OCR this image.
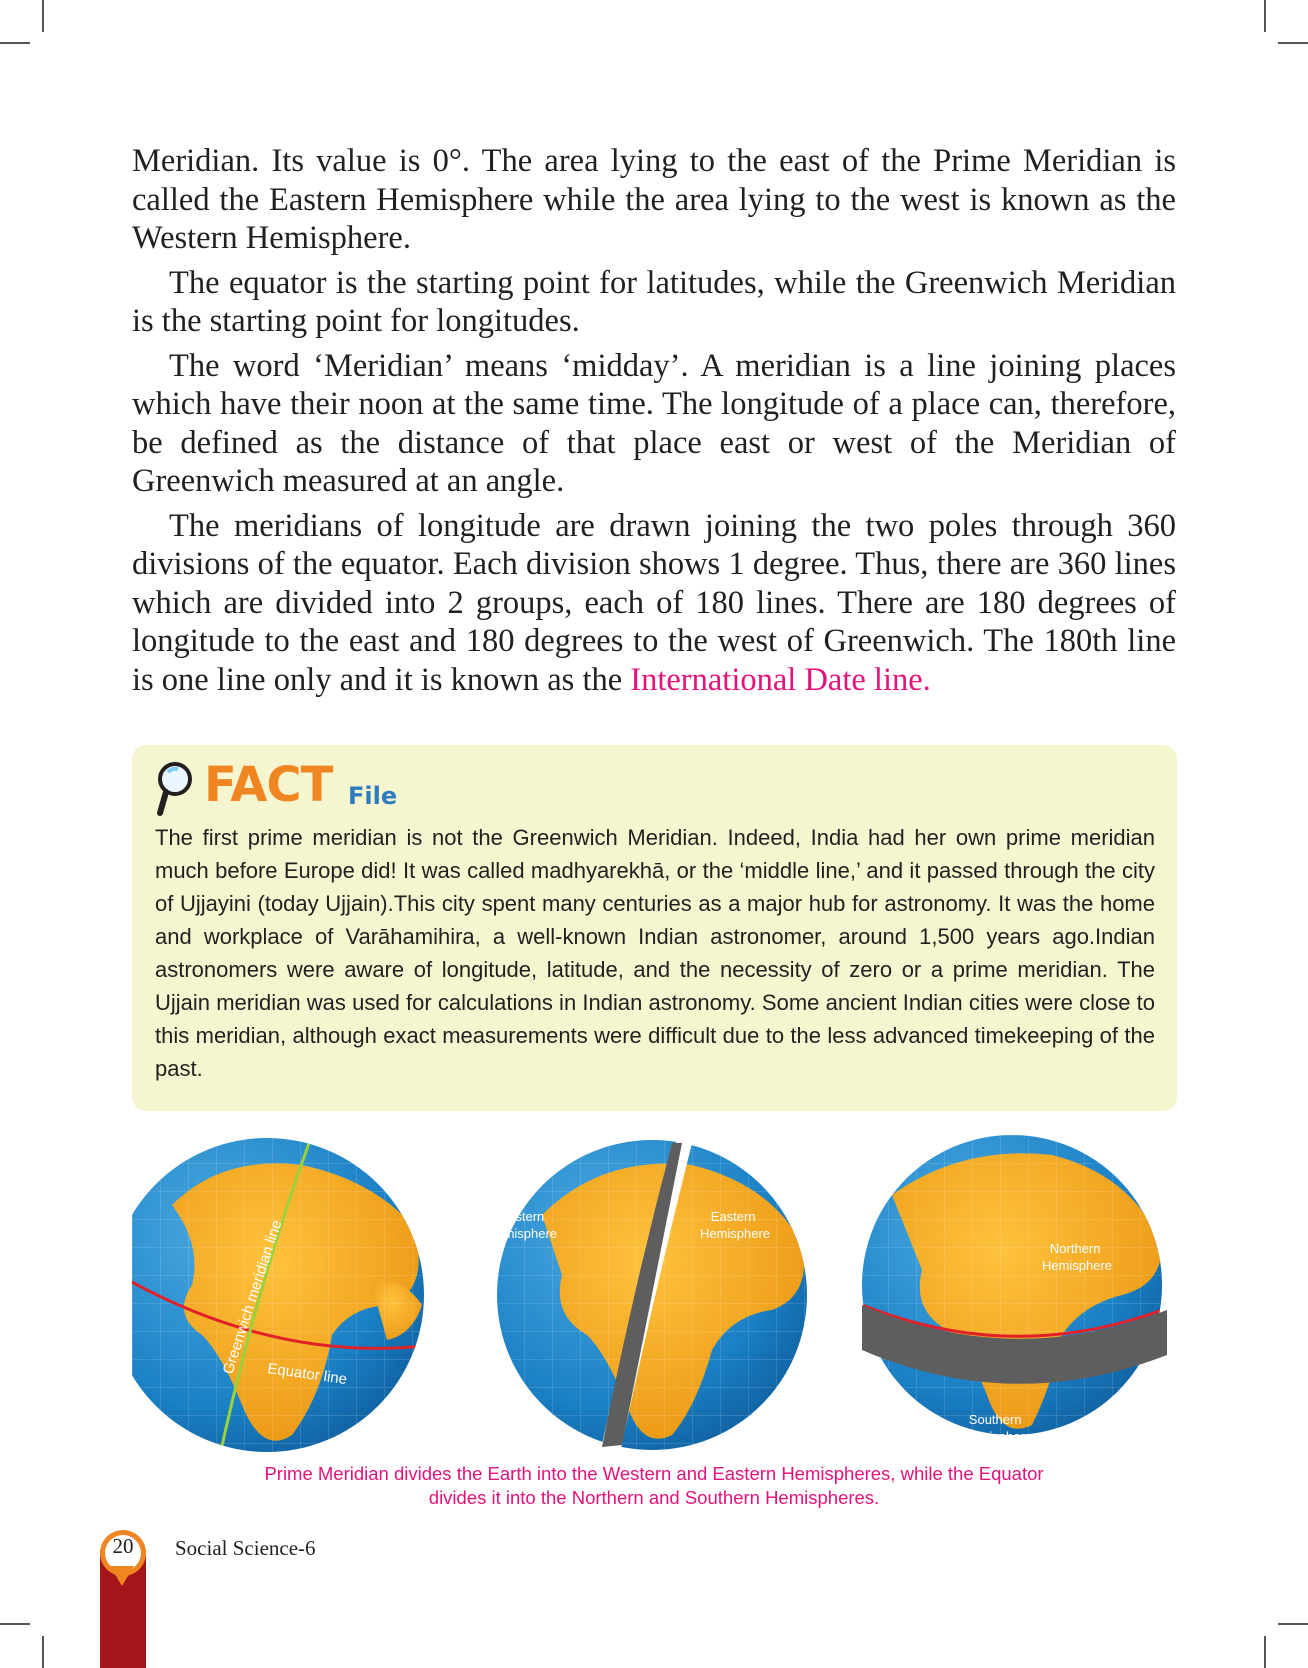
Meridian. Its value is 0°. The area lying to the east of the Prime Meridian is called the Eastern Hemisphere while the area lying to the west is known as the Western Hemisphere.

The equator is the starting point for latitudes, while the Greenwich Meridian is the starting point for longitudes.

The word ‘Meridian’ means ‘midday’. A meridian is a line joining places which have their noon at the same time. The longitude of a place can, therefore, be defined as the distance of that place east or west of the Meridian of Greenwich measured at an angle.

The meridians of longitude are drawn joining the two poles through 360 divisions of the equator. Each division shows 1 degree. Thus, there are 360 lines which are divided into 2 groups, each of 180 lines. There are 180 degrees of longitude to the east and 180 degrees to the west of Greenwich. The 180th line is one line only and it is known as the International Date line.

FACT File
The first prime meridian is not the Greenwich Meridian. Indeed, India had her own prime meridian much before Europe did! It was called madhyarekhā, or the ‘middle line,’ and it passed through the city of Ujjayini (today Ujjain).This city spent many centuries as a major hub for astronomy. It was the home and workplace of Varāhamihira, a well-known Indian astronomer, around 1,500 years ago.Indian astronomers were aware of longitude, latitude, and the necessity of zero or a prime meridian. The Ujjain meridian was used for calculations in Indian astronomy. Some ancient Indian cities were close to this meridian, although exact measurements were difficult due to the less advanced timekeeping of the past.
Greenwich meridian line
Equator line
Western Hemisphere
Eastern Hemisphere
Northern Hemisphere
Southern Hemisphere
Prime Meridian divides the Earth into the Western and Eastern Hemispheres, while the Equator
divides it into the Northern and Southern Hemispheres.
20	Social Science-6
